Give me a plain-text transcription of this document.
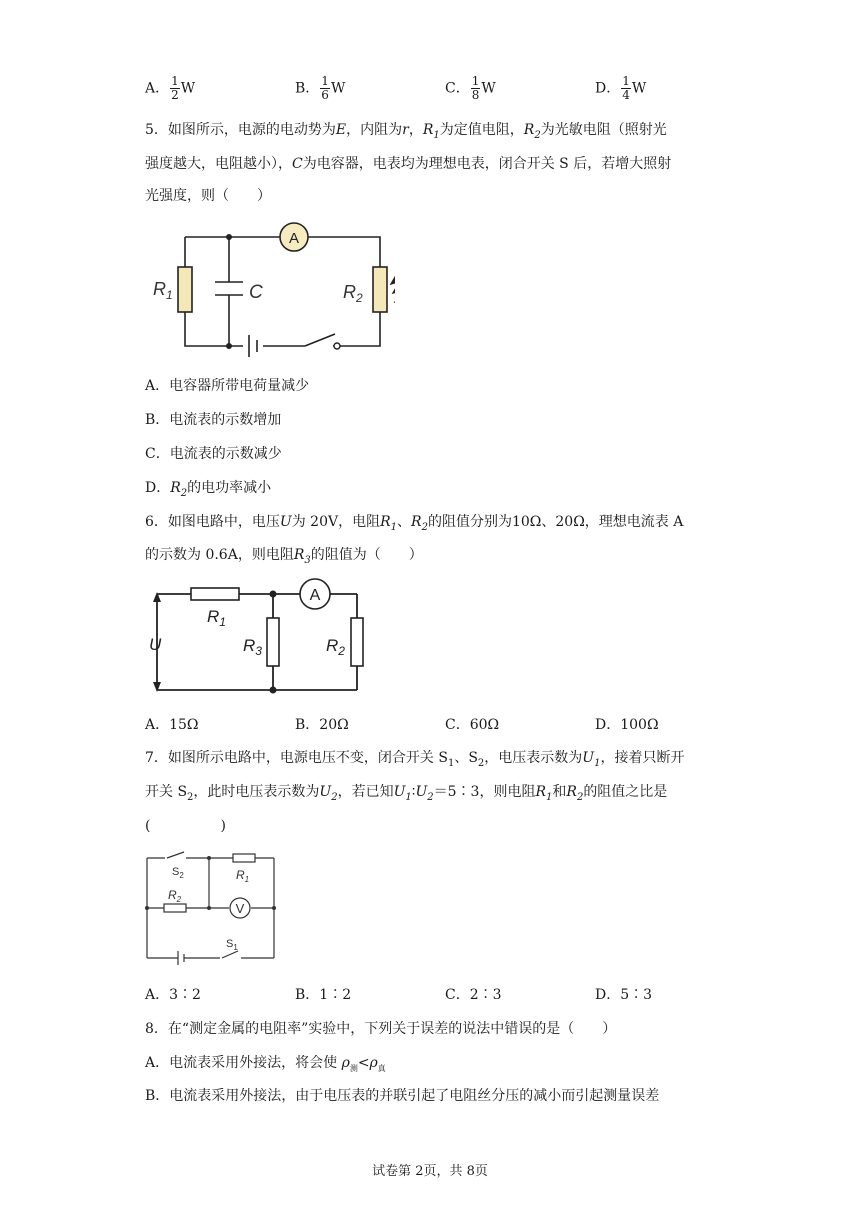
A． $\frac{1}{2}$ W	B． $\frac{1}{6}$ W	C． $\frac{1}{8}$ W	D． $\frac{1}{4}$ W
5．如图所示，电源的电动势为E，内阻为r，$R_1$为定值电阻，$R_2$为光敏电阻（照射光
强度越大，电阻越小），C为电容器，电表均为理想电表，闭合开关 S 后，若增大照射
光强度，则（　　）
A
$R_1$	C	$R_2$
A．电容器所带电荷量减少
B．电流表的示数增加
C．电流表的示数减少
D．$R_2$的电功率减小
6．如图电路中，电压U为 20V，电阻$R_1$、$R_2$的阻值分别为10Ω、20Ω，理想电流表 A
的示数为 0.6A，则电阻$R_3$的阻值为（　　）
A
U
$R_1$
$R_3$	$R_2$
A．15Ω	B．20Ω	C．60Ω	D．100Ω
7．如图所示电路中，电源电压不变，闭合开关 $S_1$、$S_2$，电压表示数为$U_1$，接着只断开
开关 $S_2$，此时电压表示数为$U_2$，若已知$U_1∶U_2=5∶3$，则电阻$R_1$和$R_2$的阻值之比是
(　　　　　)
V
$S_2$	$R_1$
$R_2$
$S_1$
A．3∶2	B．1∶2	C．2∶3	D．5∶3
8．在“测定金属的电阻率”实验中，下列关于误差的说法中错误的是（　　）
A．电流表采用外接法，将会使 $\rho_测<\rho_真$
B．电流表采用外接法，由于电压表的并联引起了电阻丝分压的减小而引起测量误差
试卷第 2页，共 8页
